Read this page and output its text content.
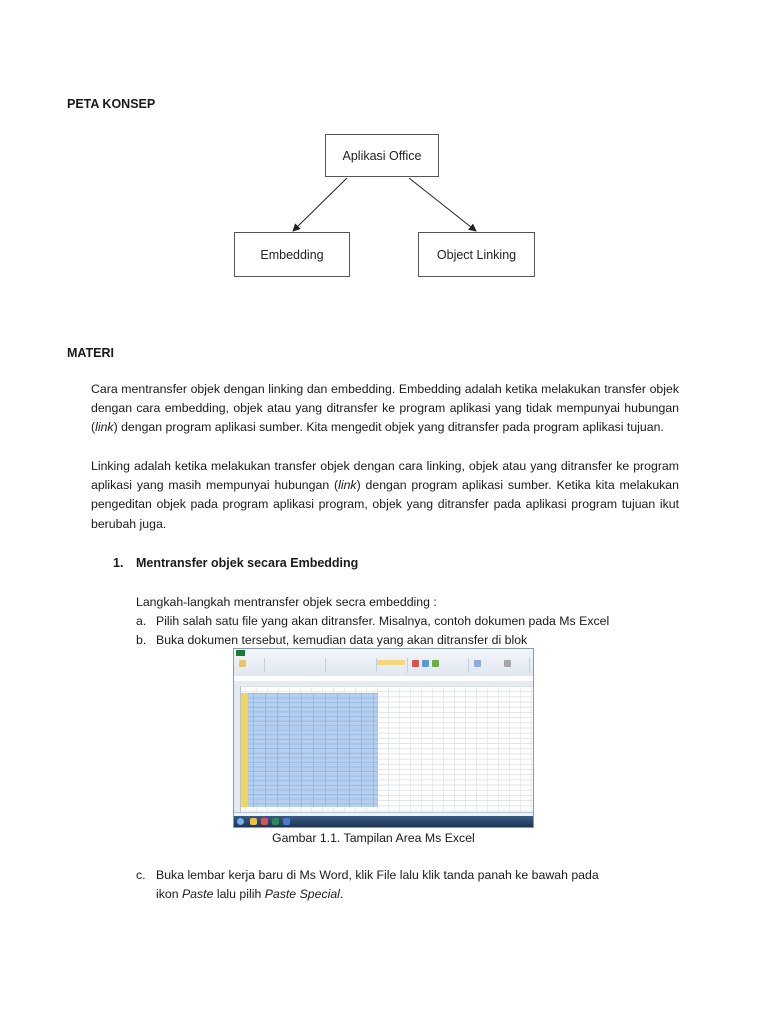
PETA KONSEP
Aplikasi Office
Embedding	Object Linking
MATERI

Cara mentransfer objek dengan linking dan embedding. Embedding adalah ketika melakukan transfer objek dengan cara embedding, objek atau yang ditransfer ke program aplikasi yang tidak mempunyai hubungan (link) dengan program aplikasi sumber. Kita mengedit objek yang ditransfer pada program aplikasi tujuan.

Linking adalah ketika melakukan transfer objek dengan cara linking, objek atau yang ditransfer ke program aplikasi yang masih mempunyai hubungan (link) dengan program aplikasi sumber. Ketika kita melakukan pengeditan objek pada program aplikasi program, objek yang ditransfer pada aplikasi program tujuan ikut berubah juga.

1. Mentransfer objek secara Embedding
Langkah-langkah mentransfer objek secra embedding :
a. Pilih salah satu file yang akan ditransfer. Misalnya, contoh dokumen pada Ms Excel
b. Buka dokumen tersebut, kemudian data yang akan ditransfer di blok
Gambar 1.1. Tampilan Area Ms Excel
c. Buka lembar kerja baru di Ms Word, klik File lalu klik tanda panah ke bawah pada
ikon Paste lalu pilih Paste Special.
